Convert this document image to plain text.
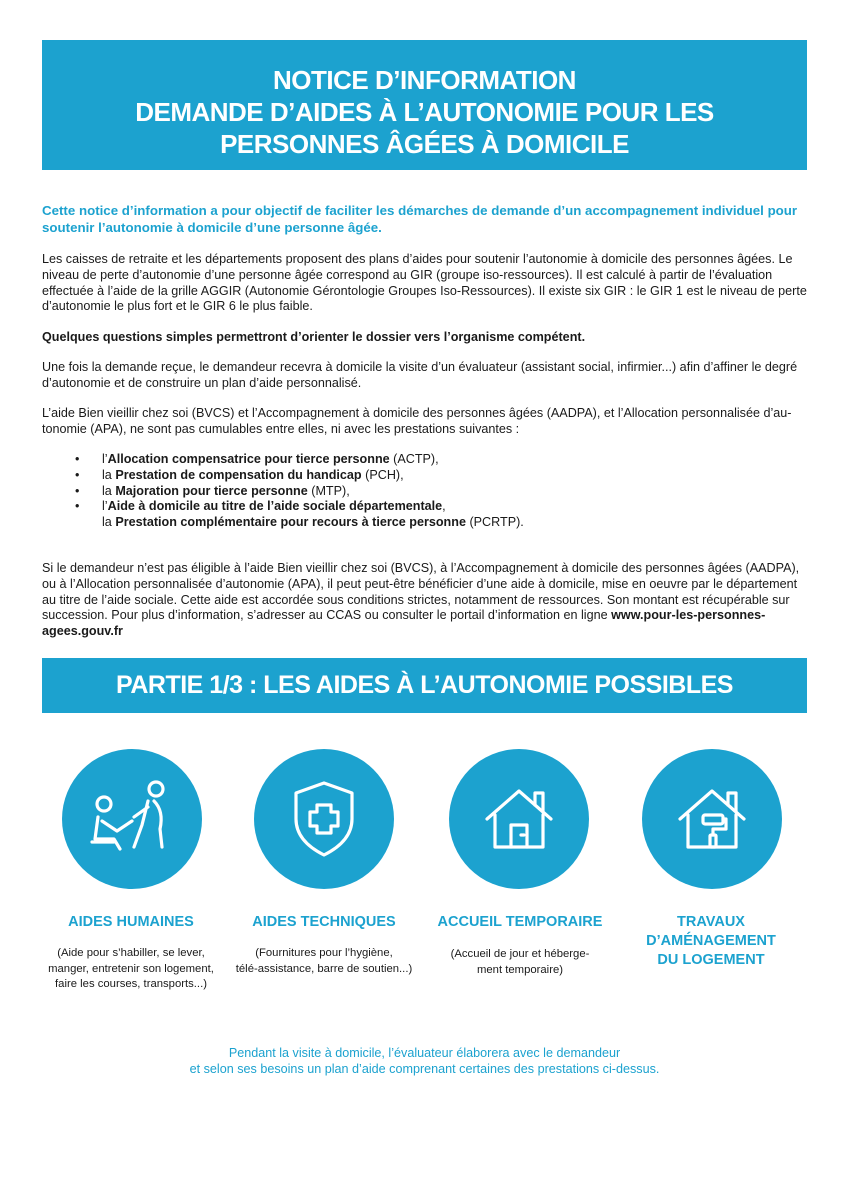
NOTICE D’INFORMATION
DEMANDE D’AIDES À L’AUTONOMIE POUR LES
PERSONNES ÂGÉES À DOMICILE
Cette notice d’information a pour objectif de faciliter les démarches de demande d’un accompagnement individuel pour soutenir l’autonomie à domicile d’une personne âgée.
Les caisses de retraite et les départements proposent des plans d’aides pour soutenir l’autonomie à domicile des personnes âgées. Le niveau de perte d’autonomie d’une personne âgée correspond au GIR (groupe iso-ressources). Il est calculé à partir de l’évaluation effectuée à l’aide de la grille AGGIR (Autonomie Gérontologie Groupes Iso-Ressources). Il existe six GIR : le GIR 1 est le niveau de perte d’autonomie le plus fort et le GIR 6 le plus faible.
Quelques questions simples permettront d’orienter le dossier vers l’organisme compétent.
Une fois la demande reçue, le demandeur recevra à domicile la visite d’un évaluateur (assistant social, infirmier...) afin d’affiner le degré d’autonomie et de construire un plan d’aide personnalisé.
L’aide Bien vieillir chez soi (BVCS) et l’Accompagnement à domicile des personnes âgées (AADPA), et l’Allocation personnalisée d’au-tonomie (APA), ne sont pas cumulables entre elles, ni avec les prestations suivantes :
• l’Allocation compensatrice pour tierce personne (ACTP),
• la Prestation de compensation du handicap (PCH),
• la Majoration pour tierce personne (MTP),
• l’Aide à domicile au titre de l’aide sociale départementale,
la Prestation complémentaire pour recours à tierce personne (PCRTP).
Si le demandeur n’est pas éligible à l’aide Bien vieillir chez soi (BVCS), à l’Accompagnement à domicile des personnes âgées (AADPA), ou à l’Allocation personnalisée d’autonomie (APA), il peut peut-être bénéficier d’une aide à domicile, mise en oeuvre par le département au titre de l’aide sociale. Cette aide est accordée sous conditions strictes, notamment de ressources. Son montant est récupérable sur succession. Pour plus d’information, s’adresser au CCAS ou consulter le portail d’information en ligne www.pour-les-personnes-agees.gouv.fr
PARTIE 1/3 : LES AIDES À L’AUTONOMIE POSSIBLES
AIDES HUMAINES	AIDES TECHNIQUES	ACCUEIL TEMPORAIRE	TRAVAUX
D’AMÉNAGEMENT
DU LOGEMENT
(Aide pour s’habiller, se lever,
manger, entretenir son logement,
faire les courses, transports...)
(Fournitures pour l’hygiène,
télé-assistance, barre de soutien...)
(Accueil de jour et héberge-
ment temporaire)
Pendant la visite à domicile, l’évaluateur élaborera avec le demandeur
et selon ses besoins un plan d’aide comprenant certaines des prestations ci-dessus.
